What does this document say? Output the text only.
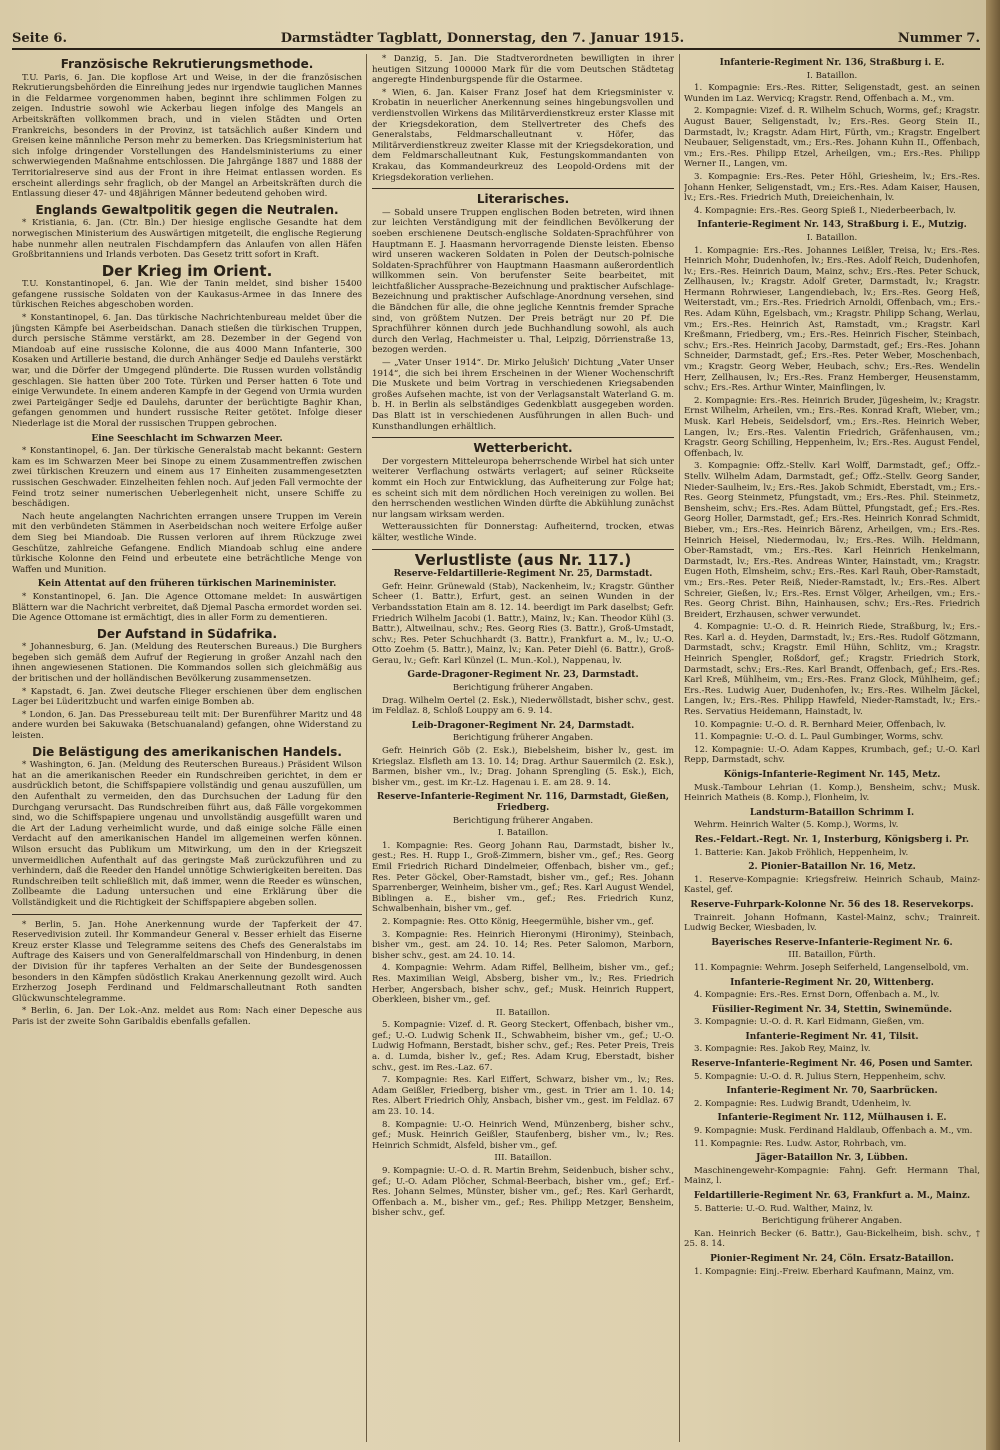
Seite 6.	Darmstädter Tagblatt, Donnerstag, den 7. Januar 1915.	Nummer 7.
Französische Rekrutierungsmethode.

T.U. Paris, 6. Jan. Die kopflose Art und Weise, in der die französischen Rekrutierungsbehörden die Einreihung jedes nur irgendwie tauglichen Mannes in die Feldarmee vorgenommen haben, beginnt ihre schlimmen Folgen zu zeigen. Industrie sowohl wie Ackerbau liegen infolge des Mangels an Arbeitskräften vollkommen brach, und in vielen Städten und Orten Frankreichs, besonders in der Provinz, ist tatsächlich außer Kindern und Greisen keine männliche Person mehr zu bemerken. Das Kriegsministerium hat sich infolge dringender Vorstellungen des Handelsministeriums zu einer schwerwiegenden Maßnahme entschlossen. Die Jahrgänge 1887 und 1888 der Territorialreserve sind aus der Front in ihre Heimat entlassen worden. Es erscheint allerdings sehr fraglich, ob der Mangel an Arbeitskräften durch die Entlassung dieser 47- und 48jährigen Männer bedeutend gehoben wird.

Englands Gewaltpolitik gegen die Neutralen.

* Kristiania, 6. Jan. (Ctr. Bln.) Der hiesige englische Gesandte hat dem norwegischen Ministerium des Auswärtigen mitgeteilt, die englische Regierung habe nunmehr allen neutralen Fischdampfern das Anlaufen von allen Häfen Großbritanniens und Irlands verboten. Das Gesetz tritt sofort in Kraft.

Der Krieg im Orient.

T.U. Konstantinopel, 6. Jan. Wie der Tanin meldet, sind bisher 15400 gefangene russische Soldaten von der Kaukasus-Armee in das Innere des türkischen Reiches abgeschoben worden.

* Konstantinopel, 6. Jan. Das türkische Nachrichtenbureau meldet über die jüngsten Kämpfe bei Aserbeidschan. Danach stießen die türkischen Truppen, durch persische Stämme verstärkt, am 28. Dezember in der Gegend von Miandoab auf eine russische Kolonne, die aus 4000 Mann Infanterie, 300 Kosaken und Artillerie bestand, die durch Anhänger Sedje ed Daulehs verstärkt war, und die Dörfer der Umgegend plünderte. Die Russen wurden vollständig geschlagen. Sie hatten über 200 Tote. Türken und Perser hatten 6 Tote und einige Verwundete. In einem anderen Kampfe in der Gegend von Urmia wurden zwei Parteigänger Sedje ed Daulehs, darunter der berüchtigte Baghir Khan, gefangen genommen und hundert russische Reiter getötet. Infolge dieser Niederlage ist die Moral der russischen Truppen gebrochen.

Eine Seeschlacht im Schwarzen Meer.

* Konstantinopel, 6. Jan. Der türkische Generalstab macht bekannt: Gestern kam es im Schwarzen Meer bei Sinope zu einem Zusammentreffen zwischen zwei türkischen Kreuzern und einem aus 17 Einheiten zusammengesetzten russischen Geschwader. Einzelheiten fehlen noch. Auf jeden Fall vermochte der Feind trotz seiner numerischen Ueberlegenheit nicht, unsere Schiffe zu beschädigen.

Nach heute angelangten Nachrichten errangen unsere Truppen im Verein mit den verbündeten Stämmen in Aserbeidschan noch weitere Erfolge außer dem Sieg bei Miandoab. Die Russen verloren auf ihrem Rückzuge zwei Geschütze, zahlreiche Gefangene. Endlich Miandoab schlug eine andere türkische Kolonne den Feind und erbeutete eine beträchtliche Menge von Waffen und Munition.

Kein Attentat auf den früheren türkischen Marineminister.

* Konstantinopel, 6. Jan. Die Agence Ottomane meldet: In auswärtigen Blättern war die Nachricht verbreitet, daß Djemal Pascha ermordet worden sei. Die Agence Ottomane ist ermächtigt, dies in aller Form zu dementieren.

Der Aufstand in Südafrika.

* Johannesburg, 6. Jan. (Meldung des Reuterschen Bureaus.) Die Burghers begeben sich gemäß dem Aufruf der Regierung in großer Anzahl nach den ihnen angewiesenen Stationen. Die Kommandos sollen sich gleichmäßig aus der britischen und der holländischen Bevölkerung zusammensetzen.

* Kapstadt, 6. Jan. Zwei deutsche Flieger erschienen über dem englischen Lager bei Lüderitzbucht und warfen einige Bomben ab.

* London, 6. Jan. Das Pressebureau teilt mit: Der Burenführer Maritz und 48 andere wurden bei Sakuwaka (Betschuanaland) gefangen, ohne Widerstand zu leisten.

Die Belästigung des amerikanischen Handels.

* Washington, 6. Jan. (Meldung des Reuterschen Bureaus.) Präsident Wilson hat an die amerikanischen Reeder ein Rundschreiben gerichtet, in dem er ausdrücklich betont, die Schiffspapiere vollständig und genau auszufüllen, um den Aufenthalt zu vermeiden, den das Durchsuchen der Ladung für den Durchgang verursacht. Das Rundschreiben führt aus, daß Fälle vorgekommen sind, wo die Schiffspapiere ungenau und unvollständig ausgefüllt waren und die Art der Ladung verheimlicht wurde, und daß einige solche Fälle einen Verdacht auf den amerikanischen Handel im allgemeinen werfen können. Wilson ersucht das Publikum um Mitwirkung, um den in der Kriegszeit unvermeidlichen Aufenthalt auf das geringste Maß zurückzuführen und zu verhindern, daß die Reeder den Handel unnötige Schwierigkeiten bereiten. Das Rundschreiben teilt schließlich mit, daß immer, wenn die Reeder es wünschen, Zollbeamte die Ladung untersuchen und eine Erklärung über die Vollständigkeit und die Richtigkeit der Schiffspapiere abgeben sollen.

* Berlin, 5. Jan. Hohe Anerkennung wurde der Tapferkeit der 47. Reservedivision zuteil. Ihr Kommandeur General v. Besser erhielt das Eiserne Kreuz erster Klasse und Telegramme seitens des Chefs des Generalstabs im Auftrage des Kaisers und von Generalfeldmarschall von Hindenburg, in denen der Division für ihr tapferes Verhalten an der Seite der Bundesgenossen besonders in den Kämpfen südöstlich Krakau Anerkennung gezollt wird. Auch Erzherzog Joseph Ferdinand und Feldmarschalleutnant Roth sandten Glückwunschtelegramme.

* Berlin, 6. Jan. Der Lok.-Anz. meldet aus Rom: Nach einer Depesche aus Paris ist der zweite Sohn Garibaldis ebenfalls gefallen.

* Danzig, 5. Jan. Die Stadtverordneten bewilligten in ihrer heutigen Sitzung 100000 Mark für die vom Deutschen Städtetag angeregte Hindenburgspende für die Ostarmee.

* Wien, 6. Jan. Kaiser Franz Josef hat dem Kriegsminister v. Krobatin in neuerlicher Anerkennung seines hingebungsvollen und verdienstvollen Wirkens das Militärverdienstkreuz erster Klasse mit der Kriegsdekoration, dem Stellvertreter des Chefs des Generalstabs, Feldmarschalleutnant v. Höfer, das Militärverdienstkreuz zweiter Klasse mit der Kriegsdekoration, und dem Feldmarschalleutnant Kuk, Festungskommandanten von Krakau, das Kommandeurkreuz des Leopold-Ordens mit der Kriegsdekoration verliehen.

Literarisches.

— Sobald unsere Truppen englischen Boden betreten, wird ihnen zur leichten Verständigung mit der feindlichen Bevölkerung der soeben erschienene Deutsch-englische Soldaten-Sprachführer von Hauptmann E. J. Haasmann hervorragende Dienste leisten. Ebenso wird unseren wackeren Soldaten in Polen der Deutsch-polnische Soldaten-Sprachführer von Hauptmann Haasmann außerordentlich willkommen sein. Von berufenster Seite bearbeitet, mit leichtfaßlicher Aussprache-Bezeichnung und praktischer Aufschlage-Bezeichnung und praktischer Aufschlage-Anordnung versehen, sind die Bändchen für alle, die ohne jegliche Kenntnis fremder Sprache sind, von größtem Nutzen. Der Preis beträgt nur 20 Pf. Die Sprachführer können durch jede Buchhandlung sowohl, als auch durch den Verlag, Hachmeister u. Thal, Leipzig, Dörrienstraße 13, bezogen werden.

— „Vater Unser 1914“. Dr. Mirko Jelušich' Dichtung „Vater Unser 1914“, die sich bei ihrem Erscheinen in der Wiener Wochenschrift Die Muskete und beim Vortrag in verschiedenen Kriegsabenden großes Aufsehen machte, ist von der Verlagsanstalt Waterland G. m. b. H. in Berlin als selbständiges Gedenkblatt ausgegeben worden. Das Blatt ist in verschiedenen Ausführungen in allen Buch- und Kunsthandlungen erhältlich.

Wetterbericht.

Der vorgestern Mitteleuropa beherrschende Wirbel hat sich unter weiterer Verflachung ostwärts verlagert; auf seiner Rückseite kommt ein Hoch zur Entwicklung, das Aufheiterung zur Folge hat; es scheint sich mit dem nördlichen Hoch vereinigen zu wollen. Bei den herrschenden westlichen Winden dürfte die Abkühlung zunächst nur langsam wirksam werden.

Wetteraussichten für Donnerstag: Aufheiternd, trocken, etwas kälter, westliche Winde.

Verlustliste (aus Nr. 117.)
Reserve-Feldartillerie-Regiment Nr. 25, Darmstadt.

Gefr. Heinr. Grünewald (Stab), Nackenheim, lv.; Kragstr. Günther Scheer (1. Battr.), Erfurt, gest. an seinen Wunden in der Verbandsstation Etain am 8. 12. 14. beerdigt im Park daselbst; Gefr. Friedrich Wilhelm Jacobi (1. Battr.), Mainz, lv.; Kan. Theodor Kühl (3. Battr.), Altweilnau, schv.; Res. Georg Ries (3. Battr.), Groß-Umstadt, schv.; Res. Peter Schuchhardt (3. Battr.), Frankfurt a. M., lv.; U.-O. Otto Zoehm (5. Battr.), Mainz, lv.; Kan. Peter Diehl (6. Battr.), Groß-Gerau, lv.; Gefr. Karl Künzel (L. Mun.-Kol.), Nappenau, lv.

Garde-Dragoner-Regiment Nr. 23, Darmstadt.

Berichtigung früherer Angaben.

Drag. Wilhelm Oertel (2. Esk.), Niederwöllstadt, bisher schv., gest. im Feldlaz. 8, Schloß Louppy am 6. 9. 14.

Leib-Dragoner-Regiment Nr. 24, Darmstadt.

Berichtigung früherer Angaben.

Gefr. Heinrich Göb (2. Esk.), Biebelsheim, bisher lv., gest. im Kriegslaz. Elsfleth am 13. 10. 14; Drag. Arthur Sauermilch (2. Esk.), Barmen, bisher vm., lv.; Drag. Johann Sprengling (5. Esk.), Eich, bisher vm., gest. im Kr.-Lz. Hagenau i. E. am 28. 9. 14.

Reserve-Infanterie-Regiment Nr. 116, Darmstadt, Gießen, Friedberg.

Berichtigung früherer Angaben.

I. Bataillon.

1. Kompagnie: Res. Georg Johann Rau, Darmstadt, bisher lv., gest.; Res. H. Rupp I., Groß-Zimmern, bisher vm., gef.; Res. Georg Emil Friedrich Richard Dindelmeier, Offenbach, bisher vm., gef.; Res. Peter Göckel, Ober-Ramstadt, bisher vm., gef.; Res. Johann Sparrenberger, Weinheim, bisher vm., gef.; Res. Karl August Wendel, Biblingen a. E., bisher vm., gef.; Res. Friedrich Kunz, Schwalbenhain, bisher vm., gef.

2. Kompagnie: Res. Otto König, Heegermühle, bisher vm., gef.

3. Kompagnie: Res. Heinrich Hieronymi (Hironimy), Steinbach, bisher vm., gest. am 24. 10. 14; Res. Peter Salomon, Marborn, bisher schv., gest. am 24. 10. 14.

4. Kompagnie: Wehrm. Adam Riffel, Bellheim, bisher vm., gef.; Res. Maximilian Weigl, Absberg, bisher vm., lv.; Res. Friedrich Herber, Angersbach, bisher schv., gef.; Musk. Heinrich Ruppert, Oberkleen, bisher vm., gef.

II. Bataillon.

5. Kompagnie: Vizef. d. R. Georg Steckert, Offenbach, bisher vm., gef.; U.-O. Ludwig Schenk II., Schwabheim, bisher vm., gef.; U.-O. Ludwig Hofmann, Berstadt, bisher schv., gef.; Res. Peter Preis, Treis a. d. Lumda, bisher lv., gef.; Res. Adam Krug, Eberstadt, bisher schv., gest. im Res.-Laz. 67.

7. Kompagnie: Res. Karl Eiffert, Schwarz, bisher vm., lv.; Res. Adam Geißler, Friedberg, bisher vm., gest. in Trier am 1. 10. 14; Res. Albert Friedrich Ohly, Ansbach, bisher vm., gest. im Feldlaz. 67 am 23. 10. 14.

8. Kompagnie: U.-O. Heinrich Wend, Münzenberg, bisher schv., gef.; Musk. Heinrich Geißler, Staufenberg, bisher vm., lv.; Res. Heinrich Schmidt, Alsfeld, bisher vm., gef.

III. Bataillon.

9. Kompagnie: U.-O. d. R. Martin Brehm, Seidenbuch, bisher schv., gef.; U.-O. Adam Plöcher, Schmal-Beerbach, bisher vm., gef.; Erf.-Res. Johann Selmes, Münster, bisher vm., gef.; Res. Karl Gerhardt, Offenbach a. M., bisher vm., gef.; Res. Philipp Metzger, Bensheim, bisher schv., gef.

Infanterie-Regiment Nr. 136, Straßburg i. E.

I. Bataillon.

1. Kompagnie: Ers.-Res. Ritter, Seligenstadt, gest. an seinen Wunden im Laz. Wervicq; Kragstr. Rend, Offenbach a. M., vm.

2. Kompagnie: Vizef. d. R. Wilhelm Schuch, Worms, gef.; Kragstr. August Bauer, Seligenstadt, lv.; Ers.-Res. Georg Stein II., Darmstadt, lv.; Kragstr. Adam Hirt, Fürth, vm.; Kragstr. Engelbert Neubauer, Seligenstadt, vm.; Ers.-Res. Johann Kuhn II., Offenbach, vm.; Ers.-Res. Philipp Etzel, Arheilgen, vm.; Ers.-Res. Philipp Werner II., Langen, vm.

3. Kompagnie: Ers.-Res. Peter Höhl, Griesheim, lv.; Ers.-Res. Johann Henker, Seligenstadt, vm.; Ers.-Res. Adam Kaiser, Hausen, lv.; Ers.-Res. Friedrich Muth, Dreieichenhain, lv.

4. Kompagnie: Ers.-Res. Georg Spieß I., Niederbeerbach, lv.

Infanterie-Regiment Nr. 143, Straßburg i. E., Mutzig.

I. Bataillon.

1. Kompagnie: Ers.-Res. Johannes Leißler, Treisa, lv.; Ers.-Res. Heinrich Mohr, Dudenhofen, lv.; Ers.-Res. Adolf Reich, Dudenhofen, lv.; Ers.-Res. Heinrich Daum, Mainz, schv.; Ers.-Res. Peter Schuck, Zellhausen, lv.; Kragstr. Adolf Greter, Darmstadt, lv.; Kragstr. Hermann Rohrwieser, Langendiebach, lv.; Ers.-Res. Georg Heß, Weiterstadt, vm.; Ers.-Res. Friedrich Arnoldi, Offenbach, vm.; Ers.-Res. Adam Kühn, Egelsbach, vm.; Kragstr. Philipp Schang, Werlau, vm.; Ers.-Res. Heinrich Ast, Ramstadt, vm.; Kragstr. Karl Kreßmann, Friedberg, vm.; Ers.-Res. Heinrich Fischer, Steinbach, schv.; Ers.-Res. Heinrich Jacoby, Darmstadt, gef.; Ers.-Res. Johann Schneider, Darmstadt, gef.; Ers.-Res. Peter Weber, Moschenbach, vm.; Kragstr. Georg Weber, Heubach, schv.; Ers.-Res. Wendelin Herr, Zellhausen, lv.; Ers.-Res. Franz Hemberger, Heusenstamm, schv.; Ers.-Res. Arthur Winter, Mainflingen, lv.

2. Kompagnie: Ers.-Res. Heinrich Bruder, Jügesheim, lv.; Kragstr. Ernst Wilhelm, Arheilen, vm.; Ers.-Res. Konrad Kraft, Wieber, vm.; Musk. Karl Hebeis, Seidelsdorf, vm.; Ers.-Res. Heinrich Weber, Langen, lv.; Ers.-Res. Valentin Friedrich, Gräfenhausen, vm.; Kragstr. Georg Schilling, Heppenheim, lv.; Ers.-Res. August Fendel, Offenbach, lv.

3. Kompagnie: Offz.-Stellv. Karl Wolff, Darmstadt, gef.; Offz.-Stellv. Wilhelm Adam, Darmstadt, gef.; Offz.-Stellv. Georg Sander, Nieder-Saulheim, lv.; Ers.-Res. Jakob Schmidt, Eberstadt, vm.; Ers.-Res. Georg Steinmetz, Pfungstadt, vm.; Ers.-Res. Phil. Steinmetz, Bensheim, schv.; Ers.-Res. Adam Büttel, Pfungstadt, gef.; Ers.-Res. Georg Holler, Darmstadt, gef.; Ers.-Res. Heinrich Konrad Schmidt, Bieber, vm.; Ers.-Res. Heinrich Bärenz, Arheilgen, vm.; Ers.-Res. Heinrich Heisel, Niedermodau, lv.; Ers.-Res. Wilh. Heldmann, Ober-Ramstadt, vm.; Ers.-Res. Karl Heinrich Henkelmann, Darmstadt, lv.; Ers.-Res. Andreas Winter, Hainstadt, vm.; Kragstr. Eugen Hoth, Elmsheim, schv.; Ers.-Res. Karl Rauh, Ober-Ramstadt, vm.; Ers.-Res. Peter Reiß, Nieder-Ramstadt, lv.; Ers.-Res. Albert Schreier, Gießen, lv.; Ers.-Res. Ernst Völger, Arheilgen, vm.; Ers.-Res. Georg Christ. Bihn, Hainhausen, schv.; Ers.-Res. Friedrich Breidert, Erzhausen, schwer verwundet.

4. Kompagnie: U.-O. d. R. Heinrich Riede, Straßburg, lv.; Ers.-Res. Karl a. d. Heyden, Darmstadt, lv.; Ers.-Res. Rudolf Götzmann, Darmstadt, schv.; Kragstr. Emil Hühn, Schlitz, vm.; Kragstr. Heinrich Spengler, Roßdorf, gef.; Kragstr. Friedrich Stork, Darmstadt, schv.; Ers.-Res. Karl Brandt, Offenbach, gef.; Ers.-Res. Karl Kreß, Mühlheim, vm.; Ers.-Res. Franz Glock, Mühlheim, gef.; Ers.-Res. Ludwig Auer, Dudenhofen, lv.; Ers.-Res. Wilhelm Jäckel, Langen, lv.; Ers.-Res. Philipp Hawfeld, Nieder-Ramstadt, lv.; Ers.-Res. Servatius Heidemann, Hainstadt, lv.

10. Kompagnie: U.-O. d. R. Bernhard Meier, Offenbach, lv.

11. Kompagnie: U.-O. d. L. Paul Gumbinger, Worms, schv.

12. Kompagnie: U.-O. Adam Kappes, Krumbach, gef.; U.-O. Karl Repp, Darmstadt, schv.

Königs-Infanterie-Regiment Nr. 145, Metz.

Musk.-Tambour Lehrian (1. Komp.), Bensheim, schv.; Musk. Heinrich Matheis (8. Komp.), Flonheim, lv.

Landsturm-Bataillon Schrimm I.

Wehrm. Heinrich Walter (5. Komp.), Worms, lv.

Res.-Feldart.-Regt. Nr. 1, Insterburg, Königsberg i. Pr.

1. Batterie: Kan. Jakob Fröhlich, Heppenheim, lv.

2. Pionier-Bataillon Nr. 16, Metz.

1. Reserve-Kompagnie: Kriegsfreiw. Heinrich Schaub, Mainz-Kastel, gef.

Reserve-Fuhrpark-Kolonne Nr. 56 des 18. Reservekorps.

Trainreit. Johann Hofmann, Kastel-Mainz, schv.; Trainreit. Ludwig Becker, Wiesbaden, lv.

Bayerisches Reserve-Infanterie-Regiment Nr. 6.

III. Bataillon, Fürth.

11. Kompagnie: Wehrm. Joseph Seiferheld, Langenselbold, vm.

Infanterie-Regiment Nr. 20, Wittenberg.

4. Kompagnie: Ers.-Res. Ernst Dorn, Offenbach a. M., lv.

Füsilier-Regiment Nr. 34, Stettin, Swinemünde.

3. Kompagnie: U.-O. d. R. Karl Eidmann, Gießen, vm.

Infanterie-Regiment Nr. 41, Tilsit.

3. Kompagnie: Res. Jakob Rey, Mainz, lv.

Reserve-Infanterie-Regiment Nr. 46, Posen und Samter.

5. Kompagnie: U.-O. d. R. Julius Stern, Heppenheim, schv.

Infanterie-Regiment Nr. 70, Saarbrücken.

2. Kompagnie: Res. Ludwig Brandt, Udenheim, lv.

Infanterie-Regiment Nr. 112, Mülhausen i. E.

9. Kompagnie: Musk. Ferdinand Haldlaub, Offenbach a. M., vm.

11. Kompagnie: Res. Ludw. Astor, Rohrbach, vm.

Jäger-Bataillon Nr. 3, Lübben.

Maschinengewehr-Kompagnie: Fahnj. Gefr. Hermann Thal, Mainz, l.

Feldartillerie-Regiment Nr. 63, Frankfurt a. M., Mainz.

5. Batterie: U.-O. Rud. Walther, Mainz, lv.

Berichtigung früherer Angaben.

Kan. Heinrich Becker (6. Battr.), Gau-Bickelheim, bish. schv., † 25. 8. 14.

Pionier-Regiment Nr. 24, Cöln. Ersatz-Bataillon.

1. Kompagnie: Einj.-Freiw. Eberhard Kaufmann, Mainz, vm.
